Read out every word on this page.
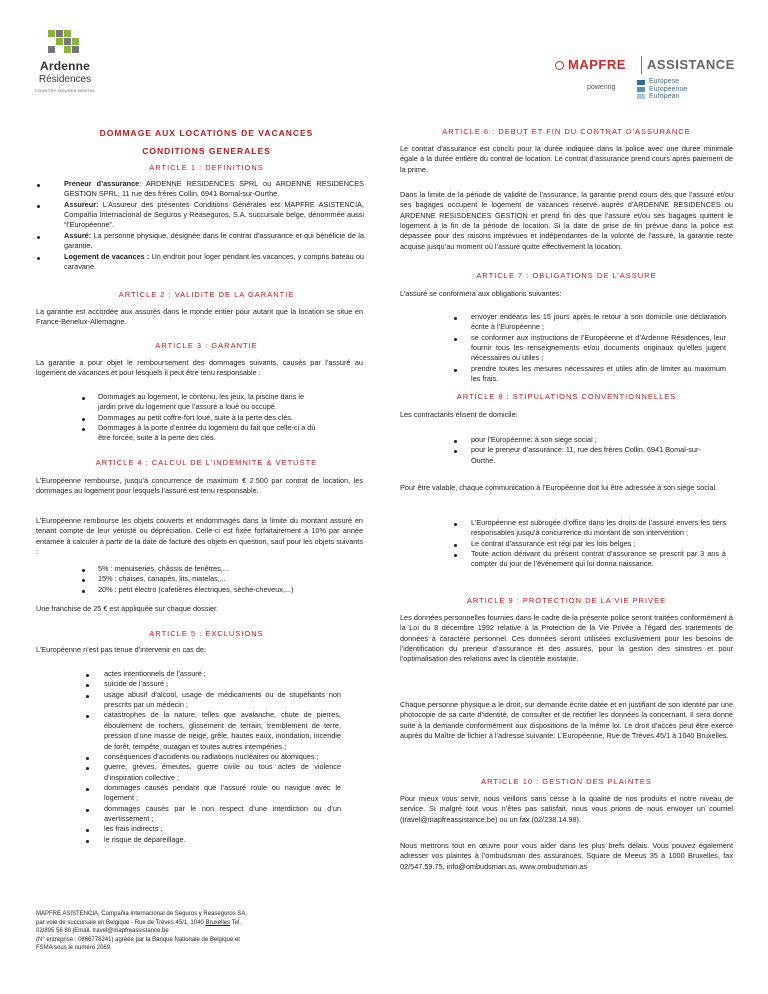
Ardenne
Résidences
COUNTRY HOUSES RENTAL
MAPFRE ASSISTANCE
powering
Europese
Européenne
European
DOMMAGE AUX LOCATIONS DE VACANCES
CONDITIONS GENERALES
ARTICLE 1 : DEFINITIONS
Preneur d’assurance: ARDENNE RESIDENCES SPRL ou ARDENNE RESIDENCES GESTION SPRL, 11 rue des frères Collin, 6941 Bomal-sur-Ourthe.
Assureur: L’Assureur des présentes Conditions Générales est MAPFRE ASISTENCIA, Compañia Internacional de Seguros y Reaseguros, S.A. succursale belge, dénommée aussi “l’Européenne”.
Assuré: La personne physique, désignée dans le contrat d’assurance et qui bénéficie de la garantie.
Logement de vacances : Un endroit pour loger pendant les vacances, y compris bateau ou caravane.
ARTICLE 2 : VALIDITE DE LA GARANTIE
La garantie est accordée aux assurés dans le monde entier pour autant que la location se situe en France-Benelux-Allemagne.
ARTICLE 3 : GARANTIE
La garantie a pour objet le remboursement des dommages suivants, causés par l’assuré au logement de vacances et pour lesquels il peut être tenu responsable :
Dommages au logement, le contenu, les jeux, la piscine dans le jardin privé du logement que l’assuré a loué ou occupé.
Dommages au petit coffre-fort loué, suite à la perte des clés.
Dommages à la porte d’entrée du logement du fait que celle-ci a dû être forcée, suite à la perte des clés.
ARTICLE 4 : CALCUL DE L’INDEMNITE & VETUSTE
L’Européenne rembourse, jusqu’à concurrence de maximum € 2.500 par contrat de location, les dommages au logement pour lesquels l’assuré est tenu responsable.
L’Européenne rembourse les objets couverts et endommagés dans la limite du montant assuré en tenant compte de leur vétusté ou dépréciation. Celle-ci est fixée forfaitairement à 10% par année entamée à calculer à partir de la date de facture des objets en question, sauf pour les objets suivants :
5% : menuiseries, châssis de fenêtres,...
15% : chaises, canapés, lits, matelas,...
20% : petit électro (cafetières électriques, sèche-cheveux,...)
Une franchise de 25 € est appliquée sur chaque dossier.
ARTICLE 5 : EXCLUSIONS
L’Européenne n’est pas tenue d’intervenir en cas de:
actes intentionnels de l’assuré ;
suicide de l’assuré ;
usage abusif d’alcool, usage de médicaments ou de stupéfiants non prescrits par un médecin ;
catastrophes de la nature, telles que avalanche, chute de pierres, éboulement de rochers, glissement de terrain, tremblement de terre, pression d’une masse de neige, grêle, hautes eaux, inondation, incendie de forêt, tempête, ouragan et toutes autres intempéries ;
conséquences d’accidents ou radiations nucléaires ou atomiques ;
guerre, grèves, émeutes, guerre civile ou tous actes de violence d’inspiration collective ;
dommages causés pendant que l’assuré roule ou navigue avec le logement ;
dommages causés par le non respect d’une interdiction ou d’un avertissement ;
les frais indirects ;
le risque de dépareillage.
MAPFRE ASISTENCIA, Compañia Internacional de Seguros y Reaseguros SA,
par voie de succursale en Belgique - Rue de Trèves 45/1, 1040 Bruxelles Tel.
02/895 56 80 |Email. travel@mapfreassistance.be
(N° entreprise : 0866778241) agréée par la Banque Nationale de Belgique et
FSMA sous le numéro 2069.
ARTICLE 6 : DEBUT ET FIN DU CONTRAT D’ASSURANCE
Le contrat d’assurance est conclu pour la durée indiquée dans la police avec une durée minimale égale à la durée entière du contrat de location. Le contrat d’assurance prend cours après paiement de la prime.
Dans la limite de la période de validité de l’assurance, la garantie prend cours dès que l’assuré et/ou ses bagages occupent le logement de vacances réservé auprès d’ARDENNE RESIDENCES ou ARDENNE RESISDENCES GESTION et prend fin dès que l’assuré et/ou ses bagages quittent le logement à la fin de la période de location. Si la date de prise de fin prévue dans la police est dépassée pour des raisons imprévues et indépendantes de la volonté de l’assuré, la garantie reste acquise jusqu’au moment où l’assuré quitte effectivement la location.
ARTICLE 7 : OBLIGATIONS DE L’ASSURE
L’assuré se conformera aux obligations suivantes:
envoyer endéans les 15 jours après le retour à son domicile une déclaration écrite à l’Européenne ;
se conformer aux instructions de l’Européenne et d’Ardenne Résidences, leur fournir tous les renseignements et/ou documents originaux qu’elles jugent nécessaires ou utiles ;
prendre toutes les mesures nécessaires et utiles afin de limiter au maximum les frais.
ARTICLE 8 : STIPULATIONS CONVENTIONNELLES
Les contractants élisent de domicile:
pour l’Européenne: à son siège social ;
pour le preneur d’assurance: 11, rue des frères Collin, 6941 Bomal-sur-Ourthe.
Pour être valable, chaque communication à l’Européenne doit lui être adressée à son siège social.
L’Européenne est subrogée d’office dans les droits de l’assuré envers les tiers responsables jusqu’à concurrence du montant de son intervention ;
Le contrat d’assurance est régi par les lois belges ;
Toute action dérivant du présent contrat d’assurance se prescrit par 3 ans à compter du jour de l’événement qui lui donna naissance.
ARTICLE 9 : PROTECTION DE LA VIE PRIVEE
Les données personnelles fournies dans le cadre de la présente police seront traitées conformément à la Loi du 8 décembre 1992 relative à la Protection de la Vie Privée à l’égard des traitements de données à caractère personnel. Ces données seront utilisées exclusivement pour les besoins de l’identification du preneur d’assurance et des assurés, pour la gestion des sinistres et pour l’optimalisation des relations avec la clientèle existante.
Chaque personne physique a le droit, sur demande écrite datée et en justifiant de son identité par une photocopie de sa carte d’identité, de consulter et de rectifier les données la concernant. Il sera donné suite à la demande conformément aux dispositions de la même loi. Le droit d’accès peut être exercé auprès du Maître de fichier à l’adresse suivante: L’Européenne, Rue de Trèves 45/1 à 1040 Bruxelles.
ARTICLE 10 : GESTION DES PLAINTES
Pour mieux vous servir, nous veillons sans cesse à la qualité de nos produits et notre niveau de service. Si malgré tout vous n’êtes pas satisfait, nous vous prions de nous envoyer un courriel (travel@mapfreassistance.be) ou un fax (02/238.14.98).
Nous mettrons tout en œuvre pour vous aider dans les plus brefs délais. Vous pouvez également adresser vos plaintes à l’ombudsman des assurances, Square de Meeus 35 à 1000 Bruxelles, fax 02/547.59.75, info@ombudsman.as, www.ombudsman.as
